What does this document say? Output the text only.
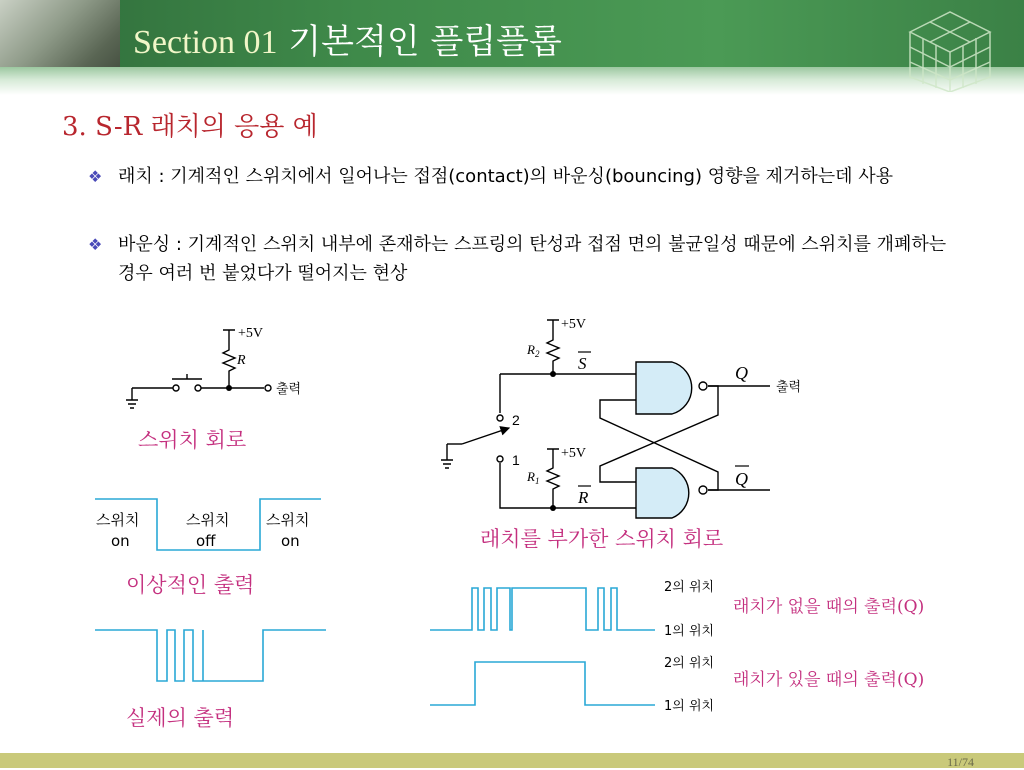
Section 01 기본적인 플립플롭
3. S-R 래치의 응용 예
❖ 래치 : 기계적인 스위치에서 일어나는 접점(contact)의 바운싱(bouncing) 영향을 제거하는데 사용
❖ 바운싱 : 기계적인 스위치 내부에 존재하는 스프링의 탄성과 접점 면의 불균일성 때문에 스위치를 개폐하는 경우 여러 번 붙었다가 떨어지는 현상
+5V
R
출력
스위치 회로
+5V
$R_2$
+5V
$R_1$
S
R
Q
Q
출력
2
1
래치를 부가한 스위치 회로
스위치
on
스위치
off
스위치
on
이상적인 출력
실제의 출력
2의 위치
1의 위치
래치가 없을 때의 출력(Q)
2의 위치
1의 위치
래치가 있을 때의 출력(Q)
11/74
